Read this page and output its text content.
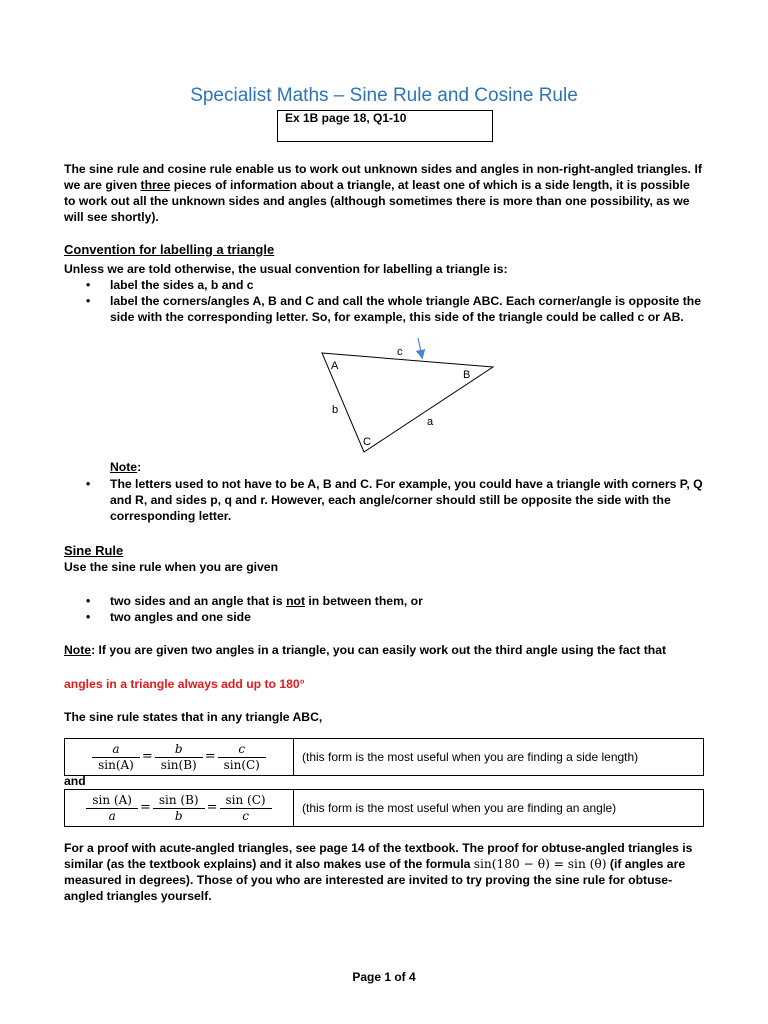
Specialist Maths – Sine Rule and Cosine Rule
Ex 1B page 18, Q1-10
The sine rule and cosine rule enable us to work out unknown sides and angles in non-right-angled triangles. If we are given three pieces of information about a triangle, at least one of which is a side length, it is possible to work out all the unknown sides and angles (although sometimes there is more than one possibility, as we will see shortly).
Convention for labelling a triangle
Unless we are told otherwise, the usual convention for labelling a triangle is:
• label the sides a, b and c
• label the corners/angles A, B and C and call the whole triangle ABC. Each corner/angle is opposite the side with the corresponding letter. So, for example, this side of the triangle could be called c or AB.
A
B
C
c
b
a
Note:
• The letters used to not have to be A, B and C. For example, you could have a triangle with corners P, Q and R, and sides p, q and r. However, each angle/corner should still be opposite the side with the corresponding letter.
Sine Rule
Use the sine rule when you are given
• two sides and an angle that is not in between them, or
• two angles and one side
Note: If you are given two angles in a triangle, you can easily work out the third angle using the fact that
angles in a triangle always add up to 180°
The sine rule states that in any triangle ABC,
$\frac{a}{\sin(A)} = \frac{b}{\sin(B)} = \frac{c}{\sin(C)}$	(this form is the most useful when you are finding a side length)
and
$\frac{\sin (A)}{a} = \frac{\sin (B)}{b} = \frac{\sin (C)}{c}$	(this form is the most useful when you are finding an angle)
For a proof with acute-angled triangles, see page 14 of the textbook. The proof for obtuse-angled triangles is similar (as the textbook explains) and it also makes use of the formula sin(180 − θ) = sin (θ) (if angles are measured in degrees). Those of you who are interested are invited to try proving the sine rule for obtuse-angled triangles yourself.
Page 1 of 4
